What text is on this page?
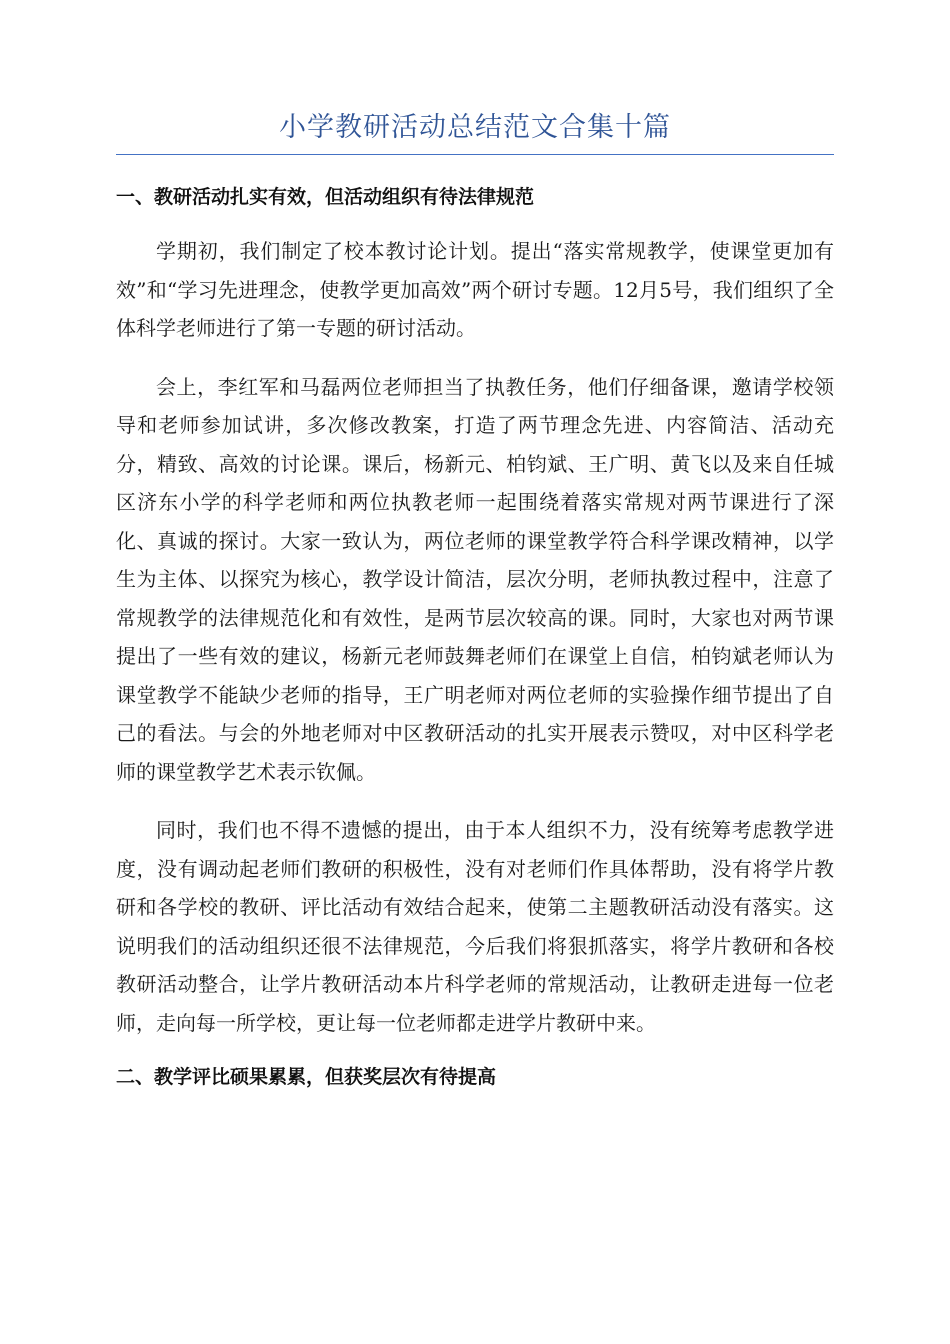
小学教研活动总结范文合集十篇
一、教研活动扎实有效，但活动组织有待法律规范

学期初，我们制定了校本教讨论计划。提出“落实常规教学，使课堂更加有效”和“学习先进理念，使教学更加高效”两个研讨专题。12月5号，我们组织了全体科学老师进行了第一专题的研讨活动。

会上，李红军和马磊两位老师担当了执教任务，他们仔细备课，邀请学校领导和老师参加试讲，多次修改教案，打造了两节理念先进、内容简洁、活动充分，精致、高效的讨论课。课后，杨新元、柏钧斌、王广明、黄飞以及来自任城区济东小学的科学老师和两位执教老师一起围绕着落实常规对两节课进行了深化、真诚的探讨。大家一致认为，两位老师的课堂教学符合科学课改精神，以学生为主体、以探究为核心，教学设计简洁，层次分明，老师执教过程中，注意了常规教学的法律规范化和有效性，是两节层次较高的课。同时，大家也对两节课提出了一些有效的建议，杨新元老师鼓舞老师们在课堂上自信，柏钧斌老师认为课堂教学不能缺少老师的指导，王广明老师对两位老师的实验操作细节提出了自己的看法。与会的外地老师对中区教研活动的扎实开展表示赞叹，对中区科学老师的课堂教学艺术表示钦佩。

同时，我们也不得不遗憾的提出，由于本人组织不力，没有统筹考虑教学进度，没有调动起老师们教研的积极性，没有对老师们作具体帮助，没有将学片教研和各学校的教研、评比活动有效结合起来，使第二主题教研活动没有落实。这说明我们的活动组织还很不法律规范，今后我们将狠抓落实，将学片教研和各校教研活动整合，让学片教研活动本片科学老师的常规活动，让教研走进每一位老师，走向每一所学校，更让每一位老师都走进学片教研中来。

二、教学评比硕果累累，但获奖层次有待提高
